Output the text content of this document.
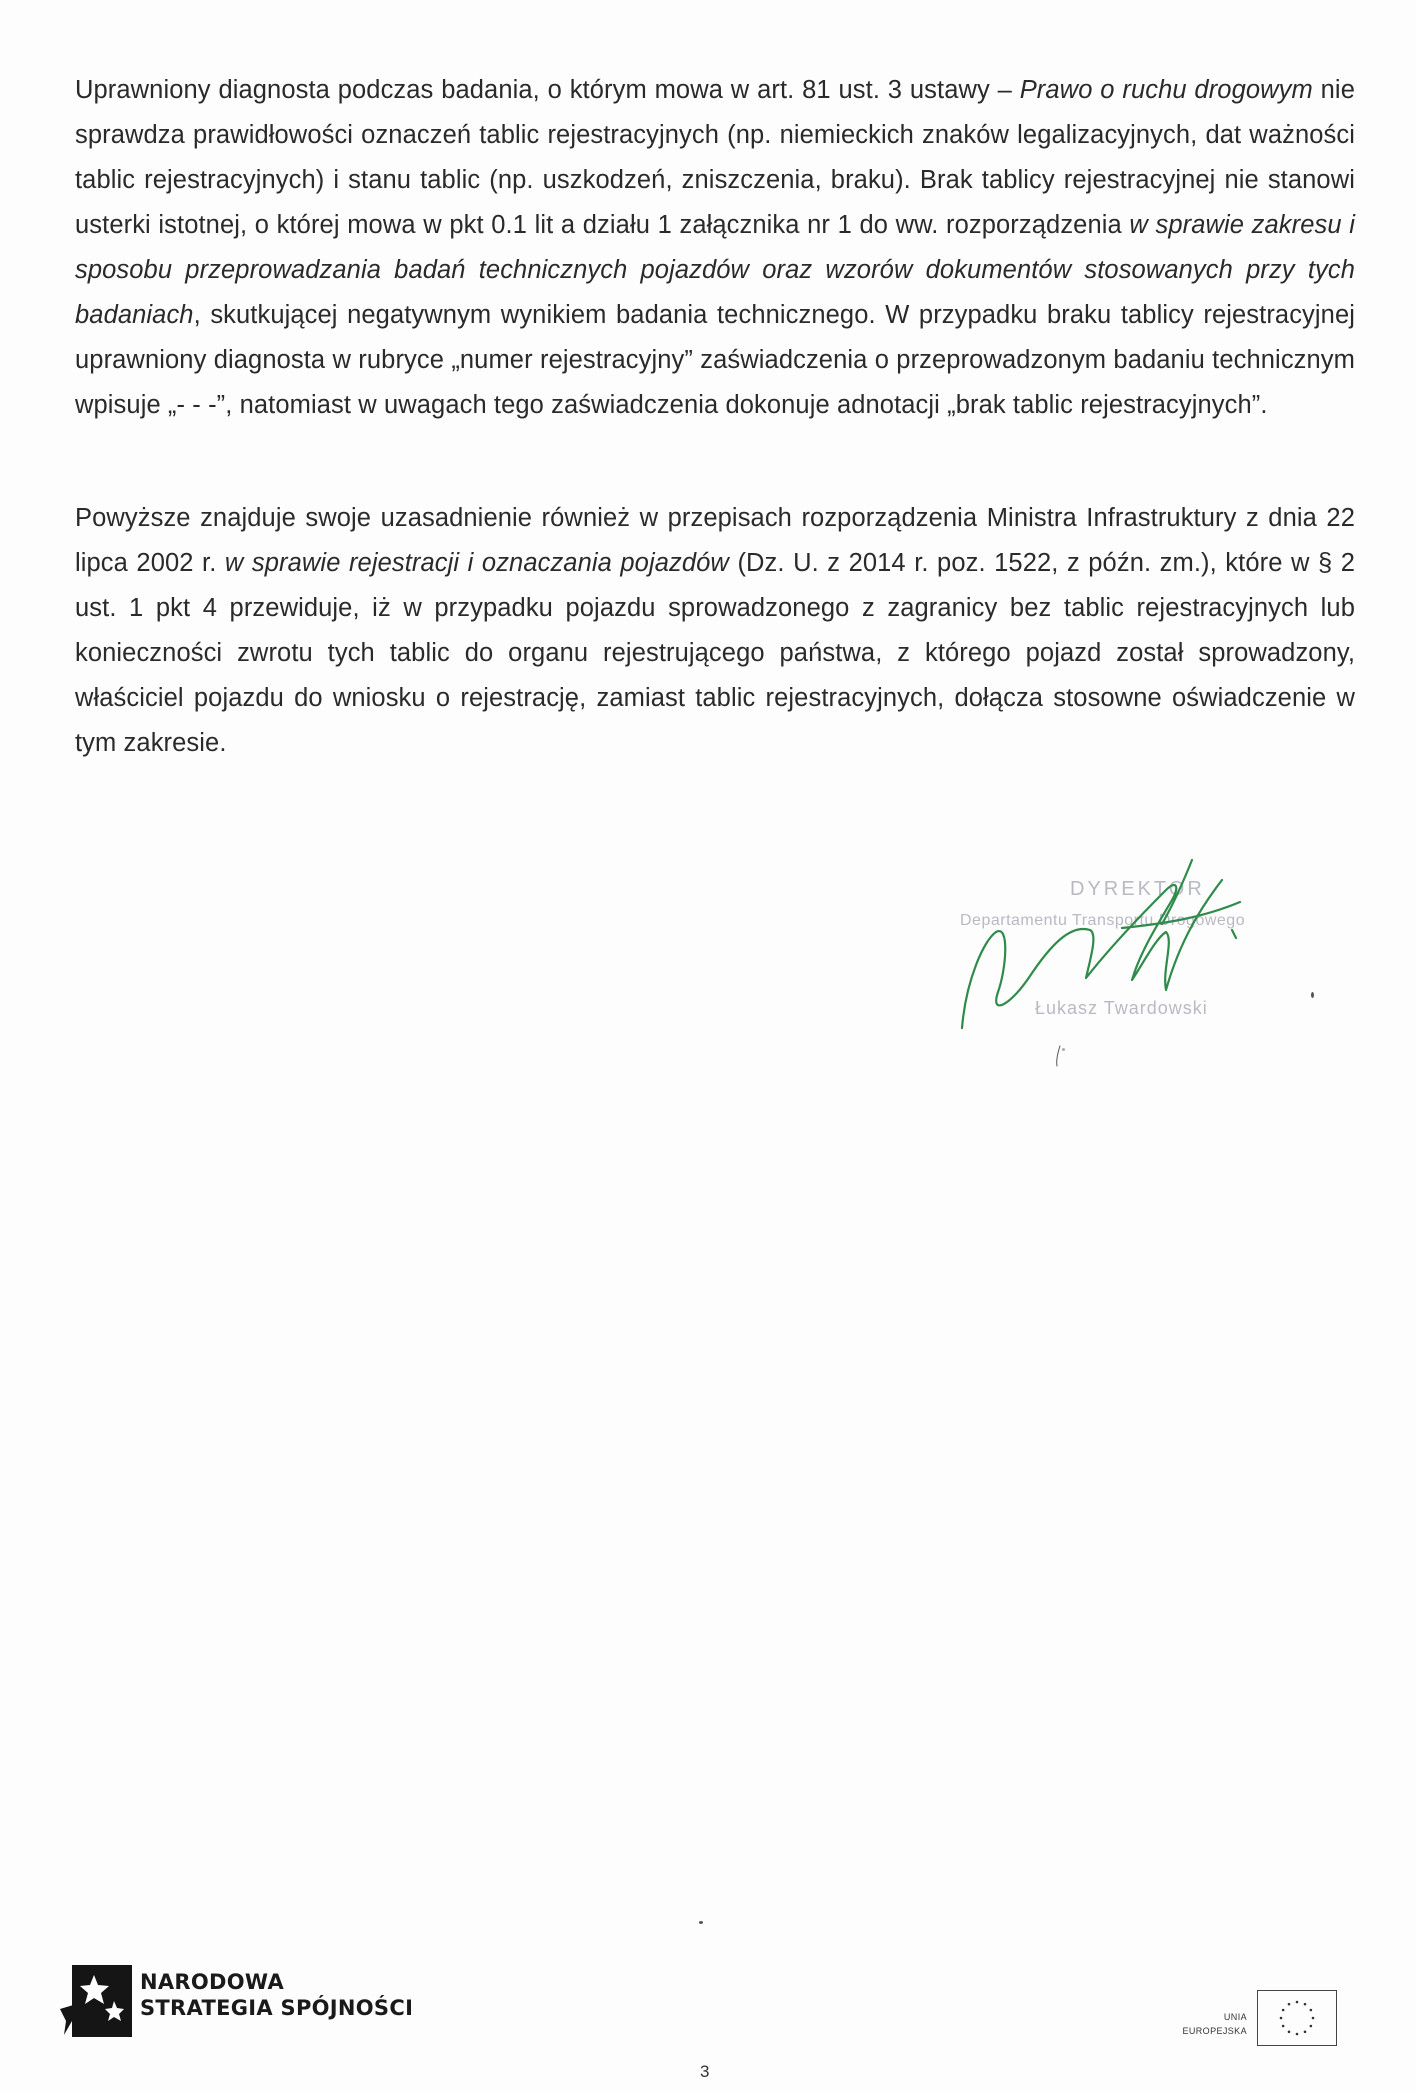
Uprawniony diagnosta podczas badania, o którym mowa w art. 81 ust. 3 ustawy – Prawo o ruchu drogowym nie sprawdza prawidłowości oznaczeń tablic rejestracyjnych (np. niemieckich znaków legalizacyjnych, dat ważności tablic rejestracyjnych) i stanu tablic (np. uszkodzeń, zniszczenia, braku). Brak tablicy rejestracyjnej nie stanowi usterki istotnej, o której mowa w pkt 0.1 lit a działu 1 załącznika nr 1 do ww. rozporządzenia w sprawie zakresu i sposobu przeprowadzania badań technicznych pojazdów oraz wzorów dokumentów stosowanych przy tych badaniach, skutkującej negatywnym wynikiem badania technicznego. W przypadku braku tablicy rejestracyjnej uprawniony diagnosta w rubryce „numer rejestracyjny” zaświadczenia o przeprowadzonym badaniu technicznym wpisuje „- - -”, natomiast w uwagach tego zaświadczenia dokonuje adnotacji „brak tablic rejestracyjnych”.

Powyższe znajduje swoje uzasadnienie również w przepisach rozporządzenia Ministra Infrastruktury z dnia 22 lipca 2002 r. w sprawie rejestracji i oznaczania pojazdów (Dz. U. z 2014 r. poz. 1522, z późn. zm.), które w § 2 ust. 1 pkt 4 przewiduje, iż w przypadku pojazdu sprowadzonego z zagranicy bez tablic rejestracyjnych lub konieczności zwrotu tych tablic do organu rejestrującego państwa, z którego pojazd został sprowadzony, właściciel pojazdu do wniosku o rejestrację, zamiast tablic rejestracyjnych, dołącza stosowne oświadczenie w tym zakresie.

DYREKTOR
Departamentu Transportu Drogowego
Łukasz Twardowski
NARODOWA
STRATEGIA SPÓJNOŚCI	UNIA
EUROPEJSKA
3
